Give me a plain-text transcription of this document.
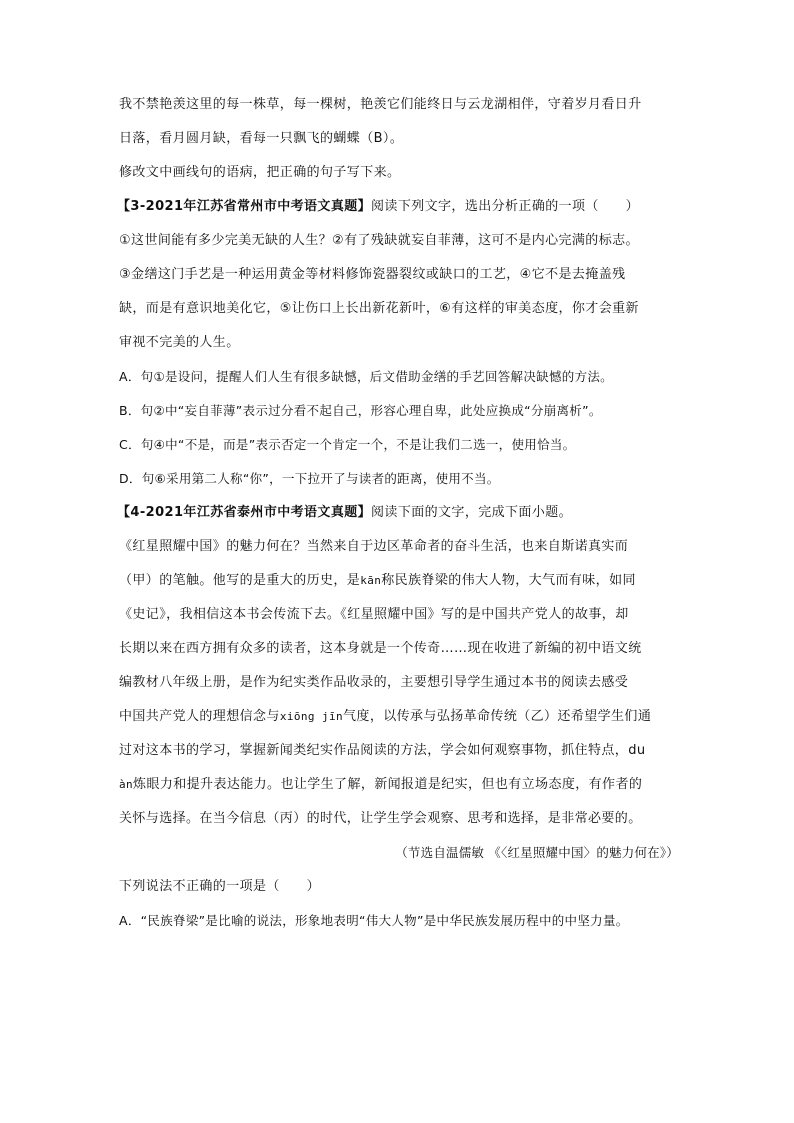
我不禁艳羡这里的每一株草，每一棵树，艳羡它们能终日与云龙湖相伴，守着岁月看日升
日落，看月圆月缺，看每一只飘飞的蝴蝶（B）。
修改文中画线句的语病，把正确的句子写下来。
【3-2021年江苏省常州市中考语文真题】阅读下列文字，选出分析正确的一项（　　）
①这世间能有多少完美无缺的人生？②有了残缺就妄自菲薄，这可不是内心完满的标志。
③金缮这门手艺是一种运用黄金等材料修饰瓷器裂纹或缺口的工艺，④它不是去掩盖残
缺，而是有意识地美化它，⑤让伤口上长出新花新叶，⑥有这样的审美态度，你才会重新
审视不完美的人生。
A．句①是设问，提醒人们人生有很多缺憾，后文借助金缮的手艺回答解决缺憾的方法。
B．句②中“妄自菲薄”表示过分看不起自己，形容心理自卑，此处应换成“分崩离析”。
C．句④中“不是，而是”表示否定一个肯定一个，不是让我们二选一，使用恰当。
D．句⑥采用第二人称“你”，一下拉开了与读者的距离，使用不当。
【4-2021年江苏省泰州市中考语文真题】阅读下面的文字，完成下面小题。
《红星照耀中国》的魅力何在？当然来自于边区革命者的奋斗生活，也来自斯诺真实而
（甲）的笔触。他写的是重大的历史，是kān称民族脊梁的伟大人物，大气而有味，如同
《史记》，我相信这本书会传流下去。《红星照耀中国》写的是中国共产党人的故事，却
长期以来在西方拥有众多的读者，这本身就是一个传奇……现在收进了新编的初中语文统
编教材八年级上册，是作为纪实类作品收录的，主要想引导学生通过本书的阅读去感受
中国共产党人的理想信念与xiōng jīn气度，以传承与弘扬革命传统（乙）还希望学生们通
过对这本书的学习，掌握新闻类纪实作品阅读的方法，学会如何观察事物，抓住特点，du
àn炼眼力和提升表达能力。也让学生了解，新闻报道是纪实，但也有立场态度，有作者的
关怀与选择。在当今信息（丙）的时代，让学生学会观察、思考和选择，是非常必要的。
（节选自温儒敏 《〈红星照耀中国〉的魅力何在》）
下列说法不正确的一项是（　　）
A．“民族脊梁”是比喻的说法，形象地表明“伟大人物”是中华民族发展历程中的中坚力量。
